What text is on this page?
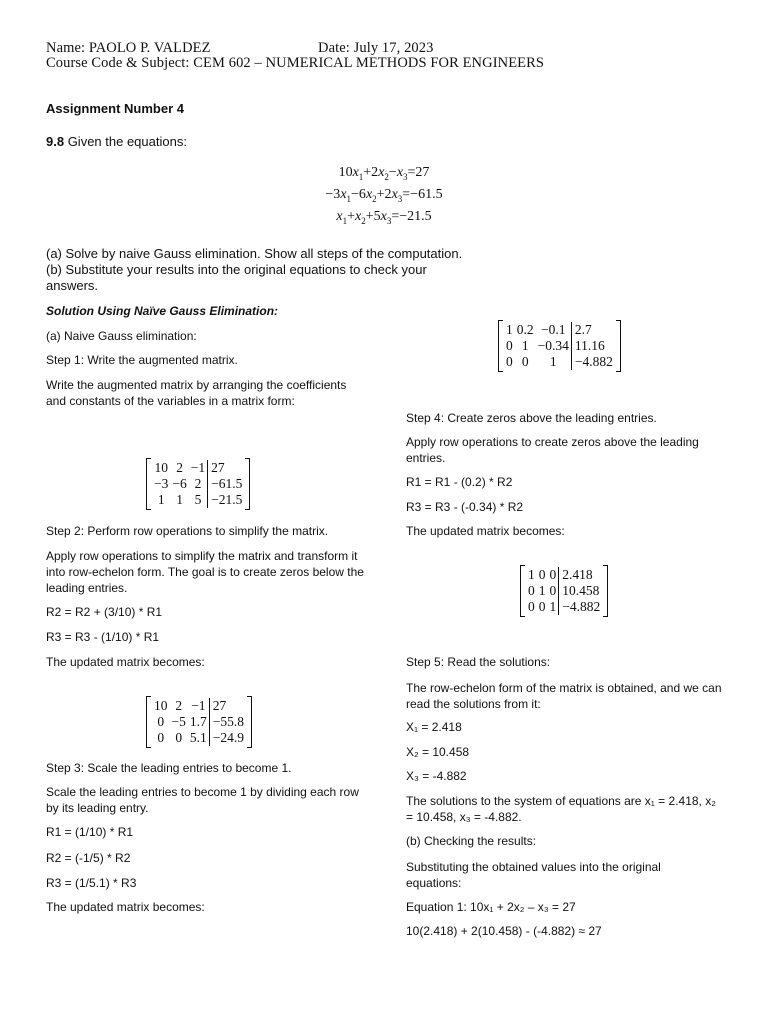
Name: PAOLO P. VALDEZ	Date: July 17, 2023
Course Code & Subject: CEM 602 – NUMERICAL METHODS FOR ENGINEERS
Assignment Number 4
9.8 Given the equations:
$10x_1+2x_2-x_3=27$
$-3x_1-6x_2+2x_3=-61.5$
$x_1+x_2+5x_3=-21.5$
(a) Solve by naive Gauss elimination. Show all steps of the computation.
(b) Substitute your results into the original equations to check your answers.
Solution Using Naïve Gauss Elimination:
(a) Naive Gauss elimination:
Step 1: Write the augmented matrix.
Write the augmented matrix by arranging the coefficients and constants of the variables in a matrix form:
10	2	−1	27
−3	−6	2	−61.5
1	1	5	−21.5
Step 2: Perform row operations to simplify the matrix.
Apply row operations to simplify the matrix and transform it into row-echelon form. The goal is to create zeros below the leading entries.
R2 = R2 + (3/10) * R1
R3 = R3 - (1/10) * R1
The updated matrix becomes:
10	2	−1	27
0	−5	1.7	−55.8
0	0	5.1	−24.9
Step 3: Scale the leading entries to become 1.
Scale the leading entries to become 1 by dividing each row by its leading entry.
R1 = (1/10) * R1
R2 = (-1/5) * R2
R3 = (1/5.1) * R3
The updated matrix becomes:
1	0.2	−0.1	2.7
0	1	−0.34	11.16
0	0	1	−4.882
Step 4: Create zeros above the leading entries.
Apply row operations to create zeros above the leading entries.
R1 = R1 - (0.2) * R2
R3 = R3 - (-0.34) * R2
The updated matrix becomes:
1	0	0	2.418
0	1	0	10.458
0	0	1	−4.882
Step 5: Read the solutions:
The row-echelon form of the matrix is obtained, and we can read the solutions from it:
X₁ = 2.418
X₂ = 10.458
X₃ = -4.882
The solutions to the system of equations are x₁ = 2.418, x₂ = 10.458, x₃ = -4.882.
(b) Checking the results:
Substituting the obtained values into the original equations:
Equation 1: 10x₁ + 2x₂ – x₃ = 27
10(2.418) + 2(10.458) - (-4.882) ≈ 27
